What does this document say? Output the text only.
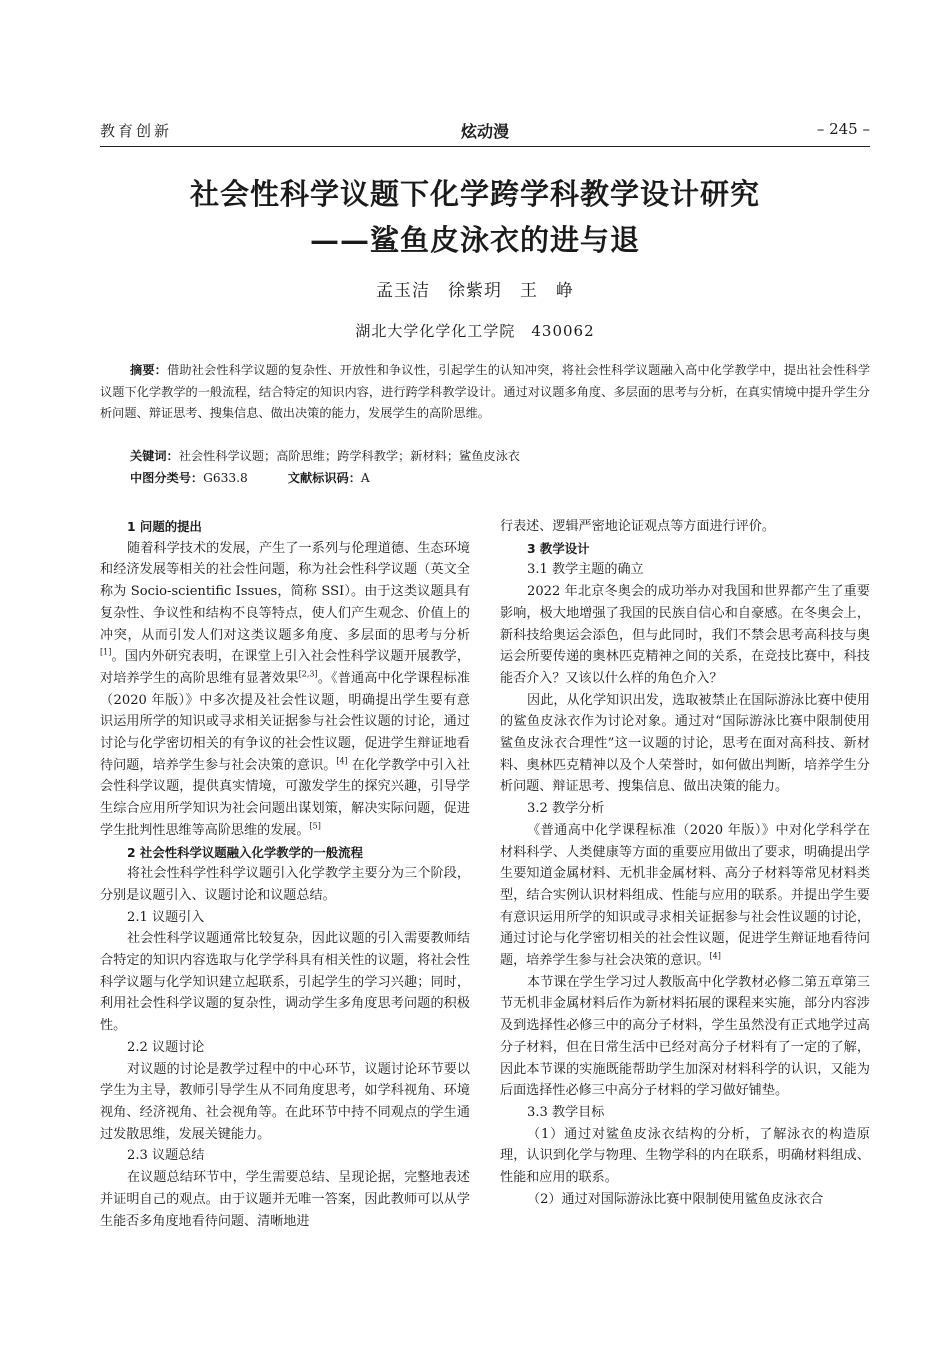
教育创新	炫动漫	– 245 –
社会性科学议题下化学跨学科教学设计研究
——鲨鱼皮泳衣的进与退
孟玉洁　徐紫玥　王　峥
湖北大学化学化工学院　430062
摘要：借助社会性科学议题的复杂性、开放性和争议性，引起学生的认知冲突，将社会性科学议题融入高中化学教学中，提出社会性科学议题下化学教学的一般流程，结合特定的知识内容，进行跨学科教学设计。通过对议题多角度、多层面的思考与分析，在真实情境中提升学生分析问题、辩证思考、搜集信息、做出决策的能力，发展学生的高阶思维。
关键词：社会性科学议题；高阶思维；跨学科教学；新材料；鲨鱼皮泳衣
中图分类号：G633.8	文献标识码：A

1 问题的提出

随着科学技术的发展，产生了一系列与伦理道德、生态环境和经济发展等相关的社会性问题，称为社会性科学议题（英文全称为 Socio-scientific Issues，简称 SSI）。由于这类议题具有复杂性、争议性和结构不良等特点，使人们产生观念、价值上的冲突，从而引发人们对这类议题多角度、多层面的思考与分析[1]。国内外研究表明，在课堂上引入社会性科学议题开展教学，对培养学生的高阶思维有显著效果[2,3]。《普通高中化学课程标准（2020 年版）》中多次提及社会性议题，明确提出学生要有意识运用所学的知识或寻求相关证据参与社会性议题的讨论，通过讨论与化学密切相关的有争议的社会性议题，促进学生辩证地看待问题，培养学生参与社会决策的意识。[4] 在化学教学中引入社会性科学议题，提供真实情境，可激发学生的探究兴趣，引导学生综合应用所学知识为社会问题出谋划策，解决实际问题，促进学生批判性思维等高阶思维的发展。[5]

2 社会性科学议题融入化学教学的一般流程

将社会性科学性科学议题引入化学教学主要分为三个阶段，分别是议题引入、议题讨论和议题总结。

2.1 议题引入

社会性科学议题通常比较复杂，因此议题的引入需要教师结合特定的知识内容选取与化学学科具有相关性的议题，将社会性科学议题与化学知识建立起联系，引起学生的学习兴趣；同时，利用社会性科学议题的复杂性，调动学生多角度思考问题的积极性。

2.2 议题讨论

对议题的讨论是教学过程中的中心环节，议题讨论环节要以学生为主导，教师引导学生从不同角度思考，如学科视角、环境视角、经济视角、社会视角等。在此环节中持不同观点的学生通过发散思维，发展关键能力。

2.3 议题总结

在议题总结环节中，学生需要总结、呈现论据，完整地表述并证明自己的观点。由于议题并无唯一答案，因此教师可以从学生能否多角度地看待问题、清晰地进

行表述、逻辑严密地论证观点等方面进行评价。

3 教学设计

3.1 教学主题的确立

2022 年北京冬奥会的成功举办对我国和世界都产生了重要影响，极大地增强了我国的民族自信心和自豪感。在冬奥会上，新科技给奥运会添色，但与此同时，我们不禁会思考高科技与奥运会所要传递的奥林匹克精神之间的关系，在竞技比赛中，科技能否介入？又该以什么样的角色介入？

因此，从化学知识出发，选取被禁止在国际游泳比赛中使用的鲨鱼皮泳衣作为讨论对象。通过对“国际游泳比赛中限制使用鲨鱼皮泳衣合理性”这一议题的讨论，思考在面对高科技、新材料、奥林匹克精神以及个人荣誉时，如何做出判断，培养学生分析问题、辩证思考、搜集信息、做出决策的能力。

3.2 教学分析

《普通高中化学课程标准（2020 年版）》中对化学科学在材料科学、人类健康等方面的重要应用做出了要求，明确提出学生要知道金属材料、无机非金属材料、高分子材料等常见材料类型，结合实例认识材料组成、性能与应用的联系。并提出学生要有意识运用所学的知识或寻求相关证据参与社会性议题的讨论，通过讨论与化学密切相关的社会性议题，促进学生辩证地看待问题，培养学生参与社会决策的意识。[4]

本节课在学生学习过人教版高中化学教材必修二第五章第三节无机非金属材料后作为新材料拓展的课程来实施，部分内容涉及到选择性必修三中的高分子材料，学生虽然没有正式地学过高分子材料，但在日常生活中已经对高分子材料有了一定的了解，因此本节课的实施既能帮助学生加深对材料科学的认识，又能为后面选择性必修三中高分子材料的学习做好铺垫。

3.3 教学目标

（1）通过对鲨鱼皮泳衣结构的分析，了解泳衣的构造原理，认识到化学与物理、生物学科的内在联系，明确材料组成、性能和应用的联系。

（2）通过对国际游泳比赛中限制使用鲨鱼皮泳衣合
